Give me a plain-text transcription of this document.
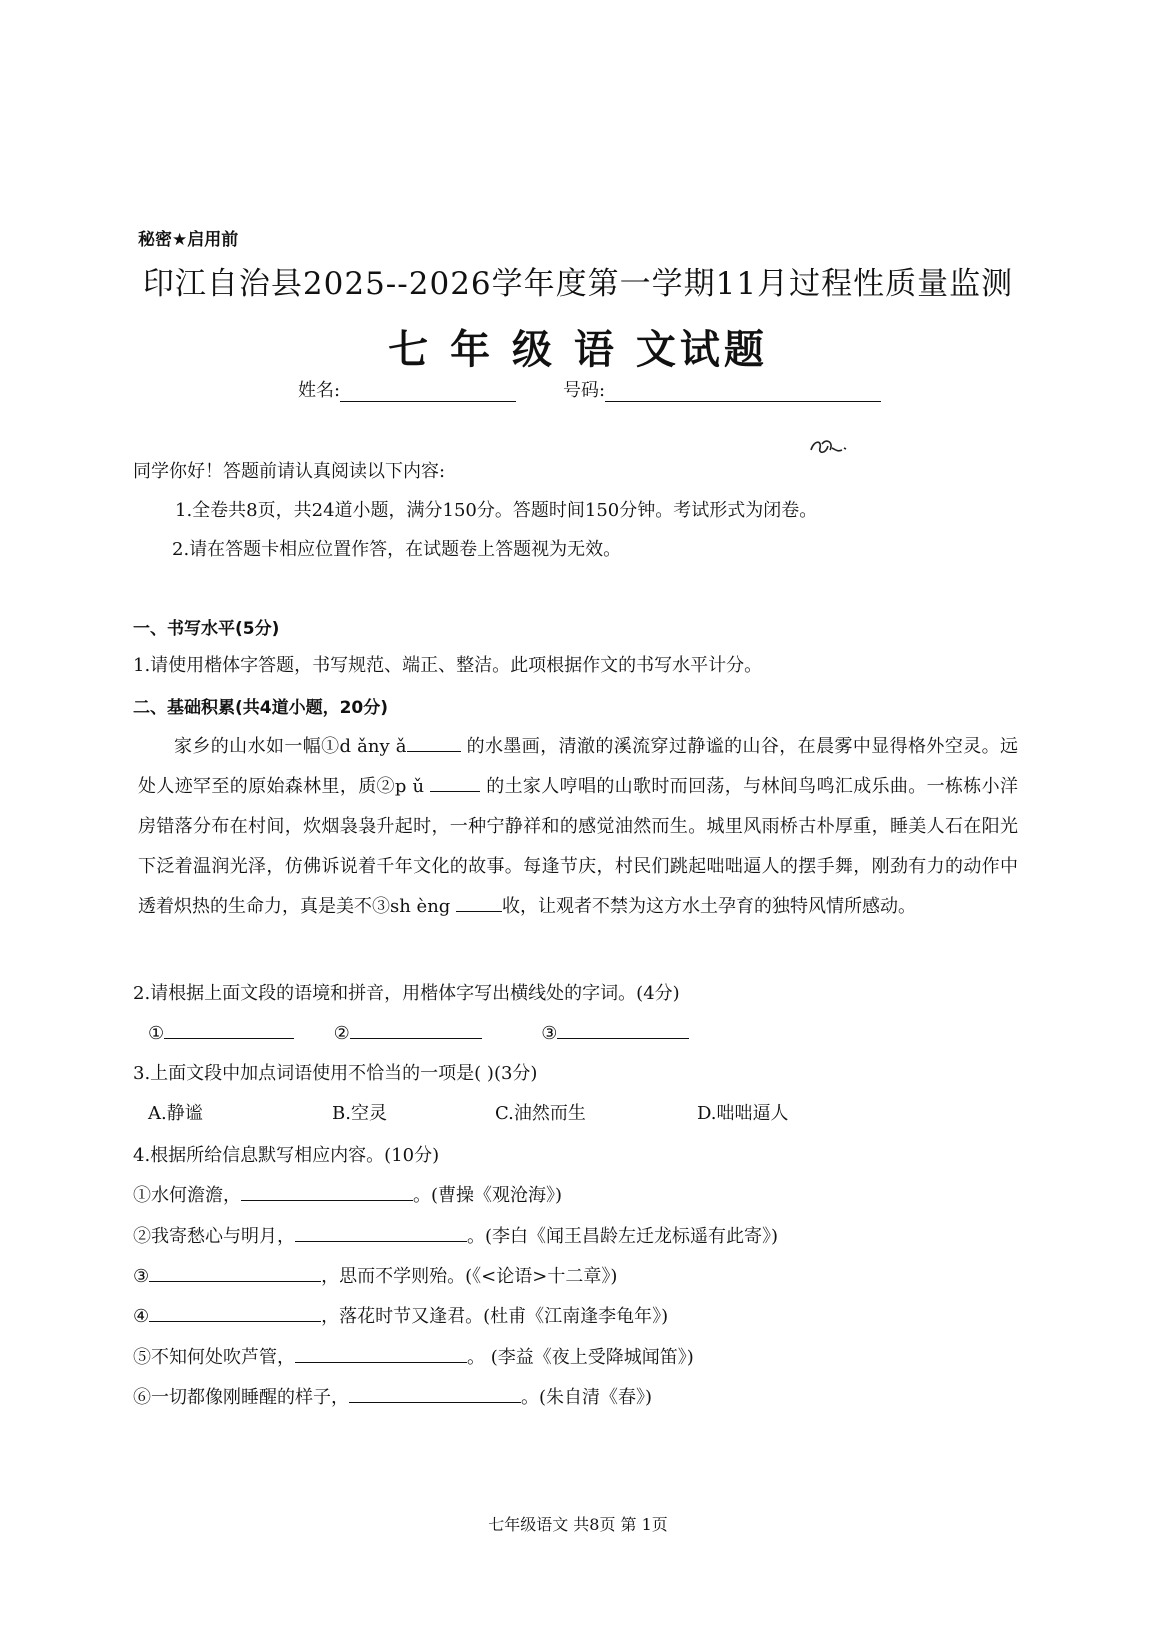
秘密★启用前
印江自治县2025--2026学年度第一学期11月过程性质量监测
七 年 级 语 文试题
姓名:	号码:
同学你好！答题前请认真阅读以下内容:
1.全卷共8页，共24道小题，满分150分。答题时间150分钟。考试形式为闭卷。
2.请在答题卡相应位置作答，在试题卷上答题视为无效。
一、书写水平(5分)
1.请使用楷体字答题，书写规范、端正、整洁。此项根据作文的书写水平计分。
二、基础积累(共4道小题，20分)
家乡的山水如一幅①d ǎny ǎ	的水墨画，清澈的溪流穿过静谧的山谷，在晨雾中显得格外空灵。远处人迹罕至的原始森林里，质②p ǔ	的土家人哼唱的山歌时而回荡，与林间鸟鸣汇成乐曲。一栋栋小洋房错落分布在村间，炊烟袅袅升起时，一种宁静祥和的感觉油然而生。城里风雨桥古朴厚重，睡美人石在阳光下泛着温润光泽，仿佛诉说着千年文化的故事。每逢节庆，村民们跳起咄咄逼人的摆手舞，刚劲有力的动作中透着炽热的生命力，真是美不③sh èng	收，让观者不禁为这方水土孕育的独特风情所感动。
2.请根据上面文段的语境和拼音，用楷体字写出横线处的字词。(4分)
①	②	③
3.上面文段中加点词语使用不恰当的一项是( )(3分)
A.静谧	B.空灵	C.油然而生	D.咄咄逼人
4.根据所给信息默写相应内容。(10分)
①水何澹澹，	。(曹操《观沧海》)
②我寄愁心与明月，	。(李白《闻王昌龄左迁龙标遥有此寄》)
③	，思而不学则殆。(《<论语>十二章》)
④	，落花时节又逢君。(杜甫《江南逢李龟年》)
⑤不知何处吹芦管，	。 (李益《夜上受降城闻笛》)
⑥一切都像刚睡醒的样子，	。(朱自清《春》)
七年级语文 共8页 第 1页
